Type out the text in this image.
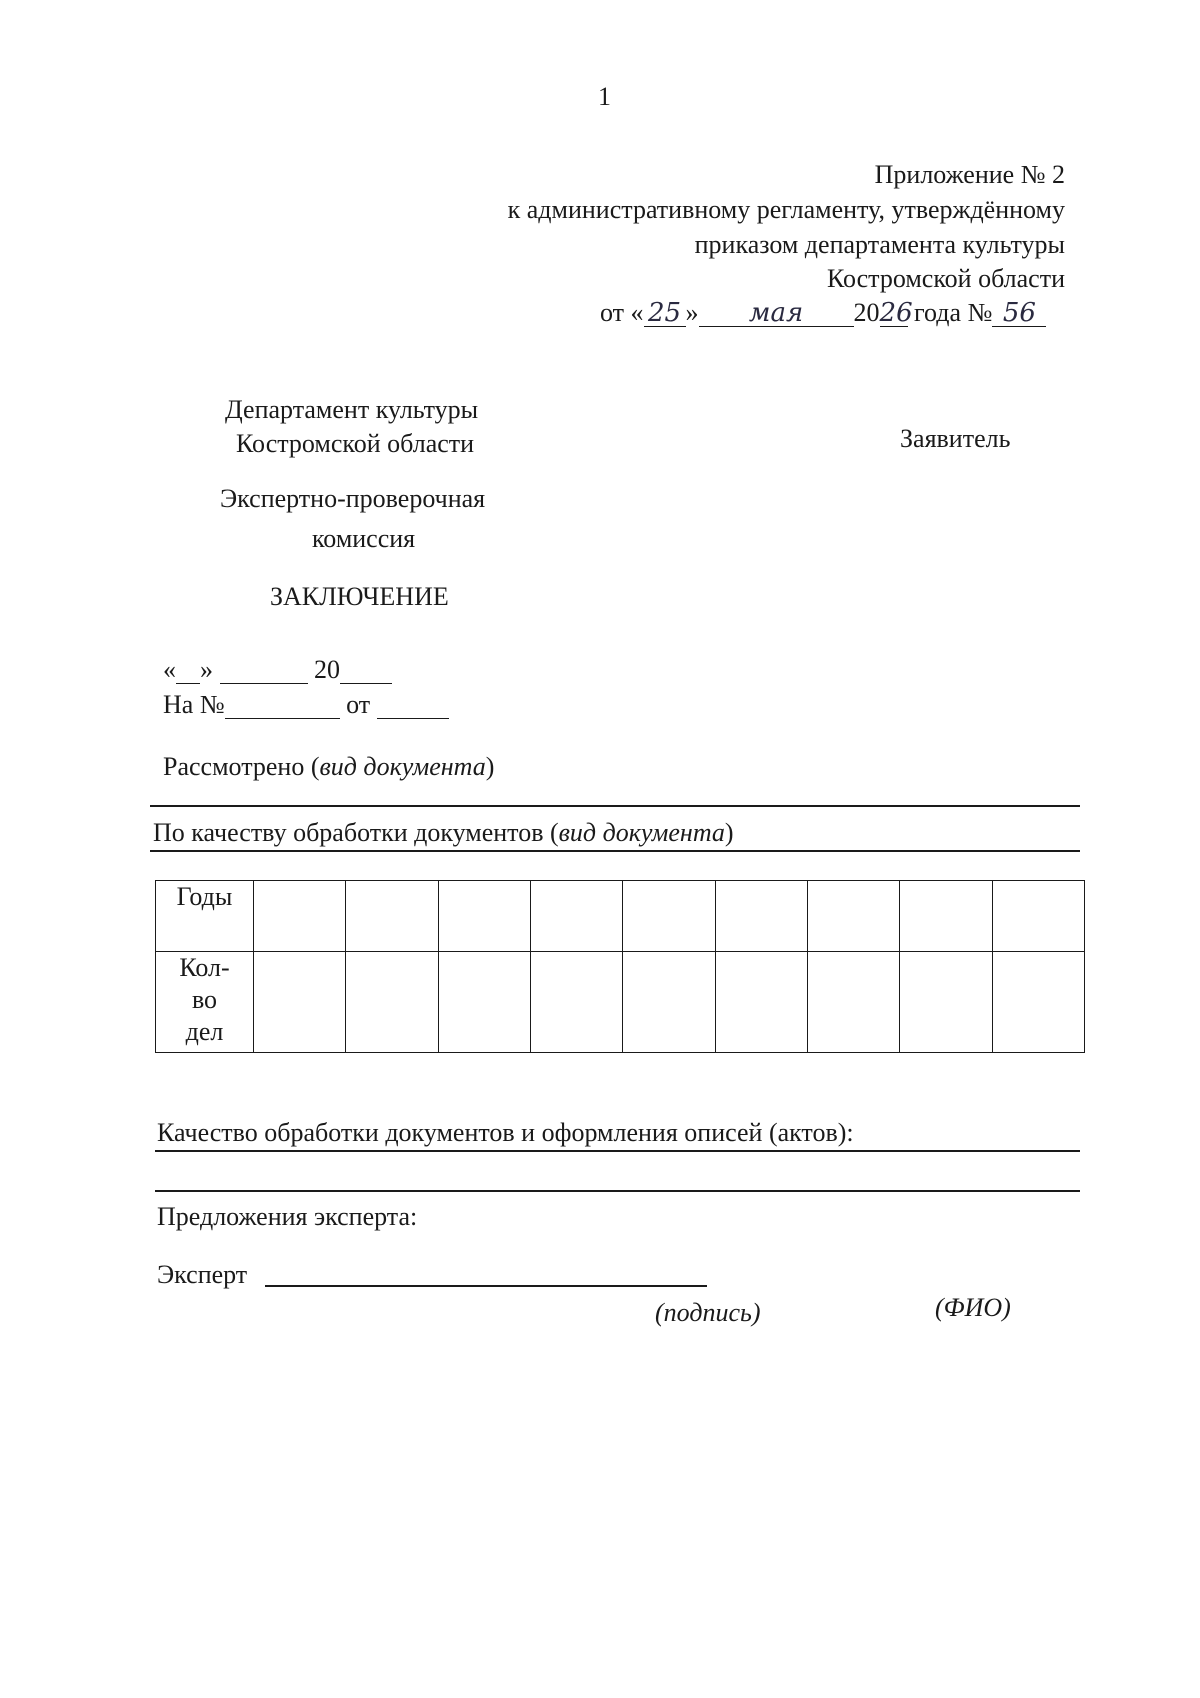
1
Приложение № 2
к административному регламенту, утверждённому
приказом департамента культуры
Костромской области
от « 25 » мая 2026 года № 56
Департамент культуры
Костромской области
Экспертно-проверочная
комиссия
ЗАКЛЮЧЕНИЕ
Заявитель
« »	20
На №	от
Рассмотрено (вид документа)
По качеству обработки документов (вид документа)
Годы									

Кол-
во
дел									

Качество обработки документов и оформления описей (актов):
Предложения эксперта:
Эксперт
(подпись)	(ФИО)
